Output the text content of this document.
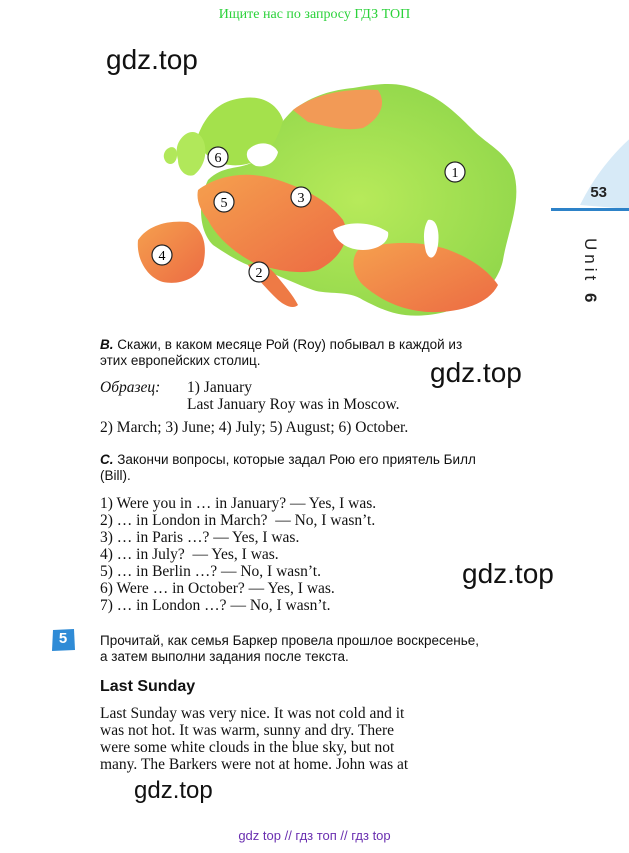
Ищите нас по запросу ГДЗ ТОП
gdz.top
gdz.top
gdz.top
gdz.top
1
2
3
4
5
6
53
Unit 6
B. Скажи, в каком месяце Рой (Roy) побывал в каждой из
этих европейских столиц.
Образец: 1) January
Last January Roy was in Moscow.
2) March; 3) June; 4) July; 5) August; 6) October.
C. Закончи вопросы, которые задал Рою его приятель Билл
(Bill).
1) Were you in … in January? — Yes, I was.
2) … in London in March?  — No, I wasn’t.
3) … in Paris …? — Yes, I was.
4) … in July?  — Yes, I was.
5) … in Berlin …? — No, I wasn’t.
6) Were … in October? — Yes, I was.
7) … in London …? — No, I wasn’t.
5	Прочитай, как семья Баркер провела прошлое воскресенье,
а затем выполни задания после текста.
Last Sunday
Last Sunday was very nice. It was not cold and it
was not hot. It was warm, sunny and dry. There
were some white clouds in the blue sky, but not
many. The Barkers were not at home. John was at
gdz top // гдз топ // гдз top
